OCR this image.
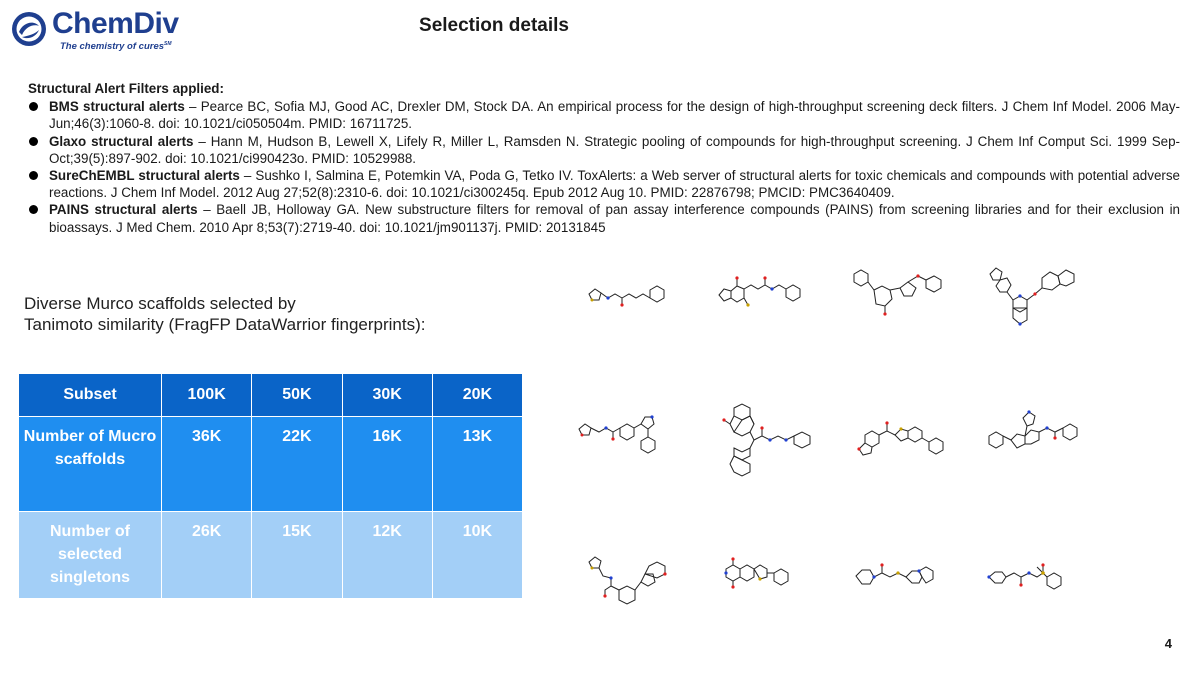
ChemDiv
The chemistry of cures℠
Selection details
Structural Alert Filters applied:
BMS structural alerts – Pearce BC, Sofia MJ, Good AC, Drexler DM, Stock DA. An empirical process for the design of high-throughput screening deck filters. J Chem Inf Model. 2006 May-Jun;46(3):1060-8. doi: 10.1021/ci050504m. PMID: 16711725.
Glaxo structural alerts – Hann M, Hudson B, Lewell X, Lifely R, Miller L, Ramsden N. Strategic pooling of compounds for high-throughput screening. J Chem Inf Comput Sci. 1999 Sep-Oct;39(5):897-902. doi: 10.1021/ci990423o. PMID: 10529988.
SureChEMBL structural alerts – Sushko I, Salmina E, Potemkin VA, Poda G, Tetko IV. ToxAlerts: a Web server of structural alerts for toxic chemicals and compounds with potential adverse reactions. J Chem Inf Model. 2012 Aug 27;52(8):2310-6. doi: 10.1021/ci300245q. Epub 2012 Aug 10. PMID: 22876798; PMCID: PMC3640409.
PAINS structural alerts – Baell JB, Holloway GA. New substructure filters for removal of pan assay interference compounds (PAINS) from screening libraries and for their exclusion in bioassays. J Med Chem. 2010 Apr 8;53(7):2719-40. doi: 10.1021/jm901137j. PMID: 20131845
Diverse Murco scaffolds selected by
Tanimoto similarity (FragFP DataWarrior fingerprints):
Subset	100K	50K	30K	20K
Number of Mucro scaffolds	36K	22K	16K	13K
Number of selected singletons	26K	15K	12K	10K
4
